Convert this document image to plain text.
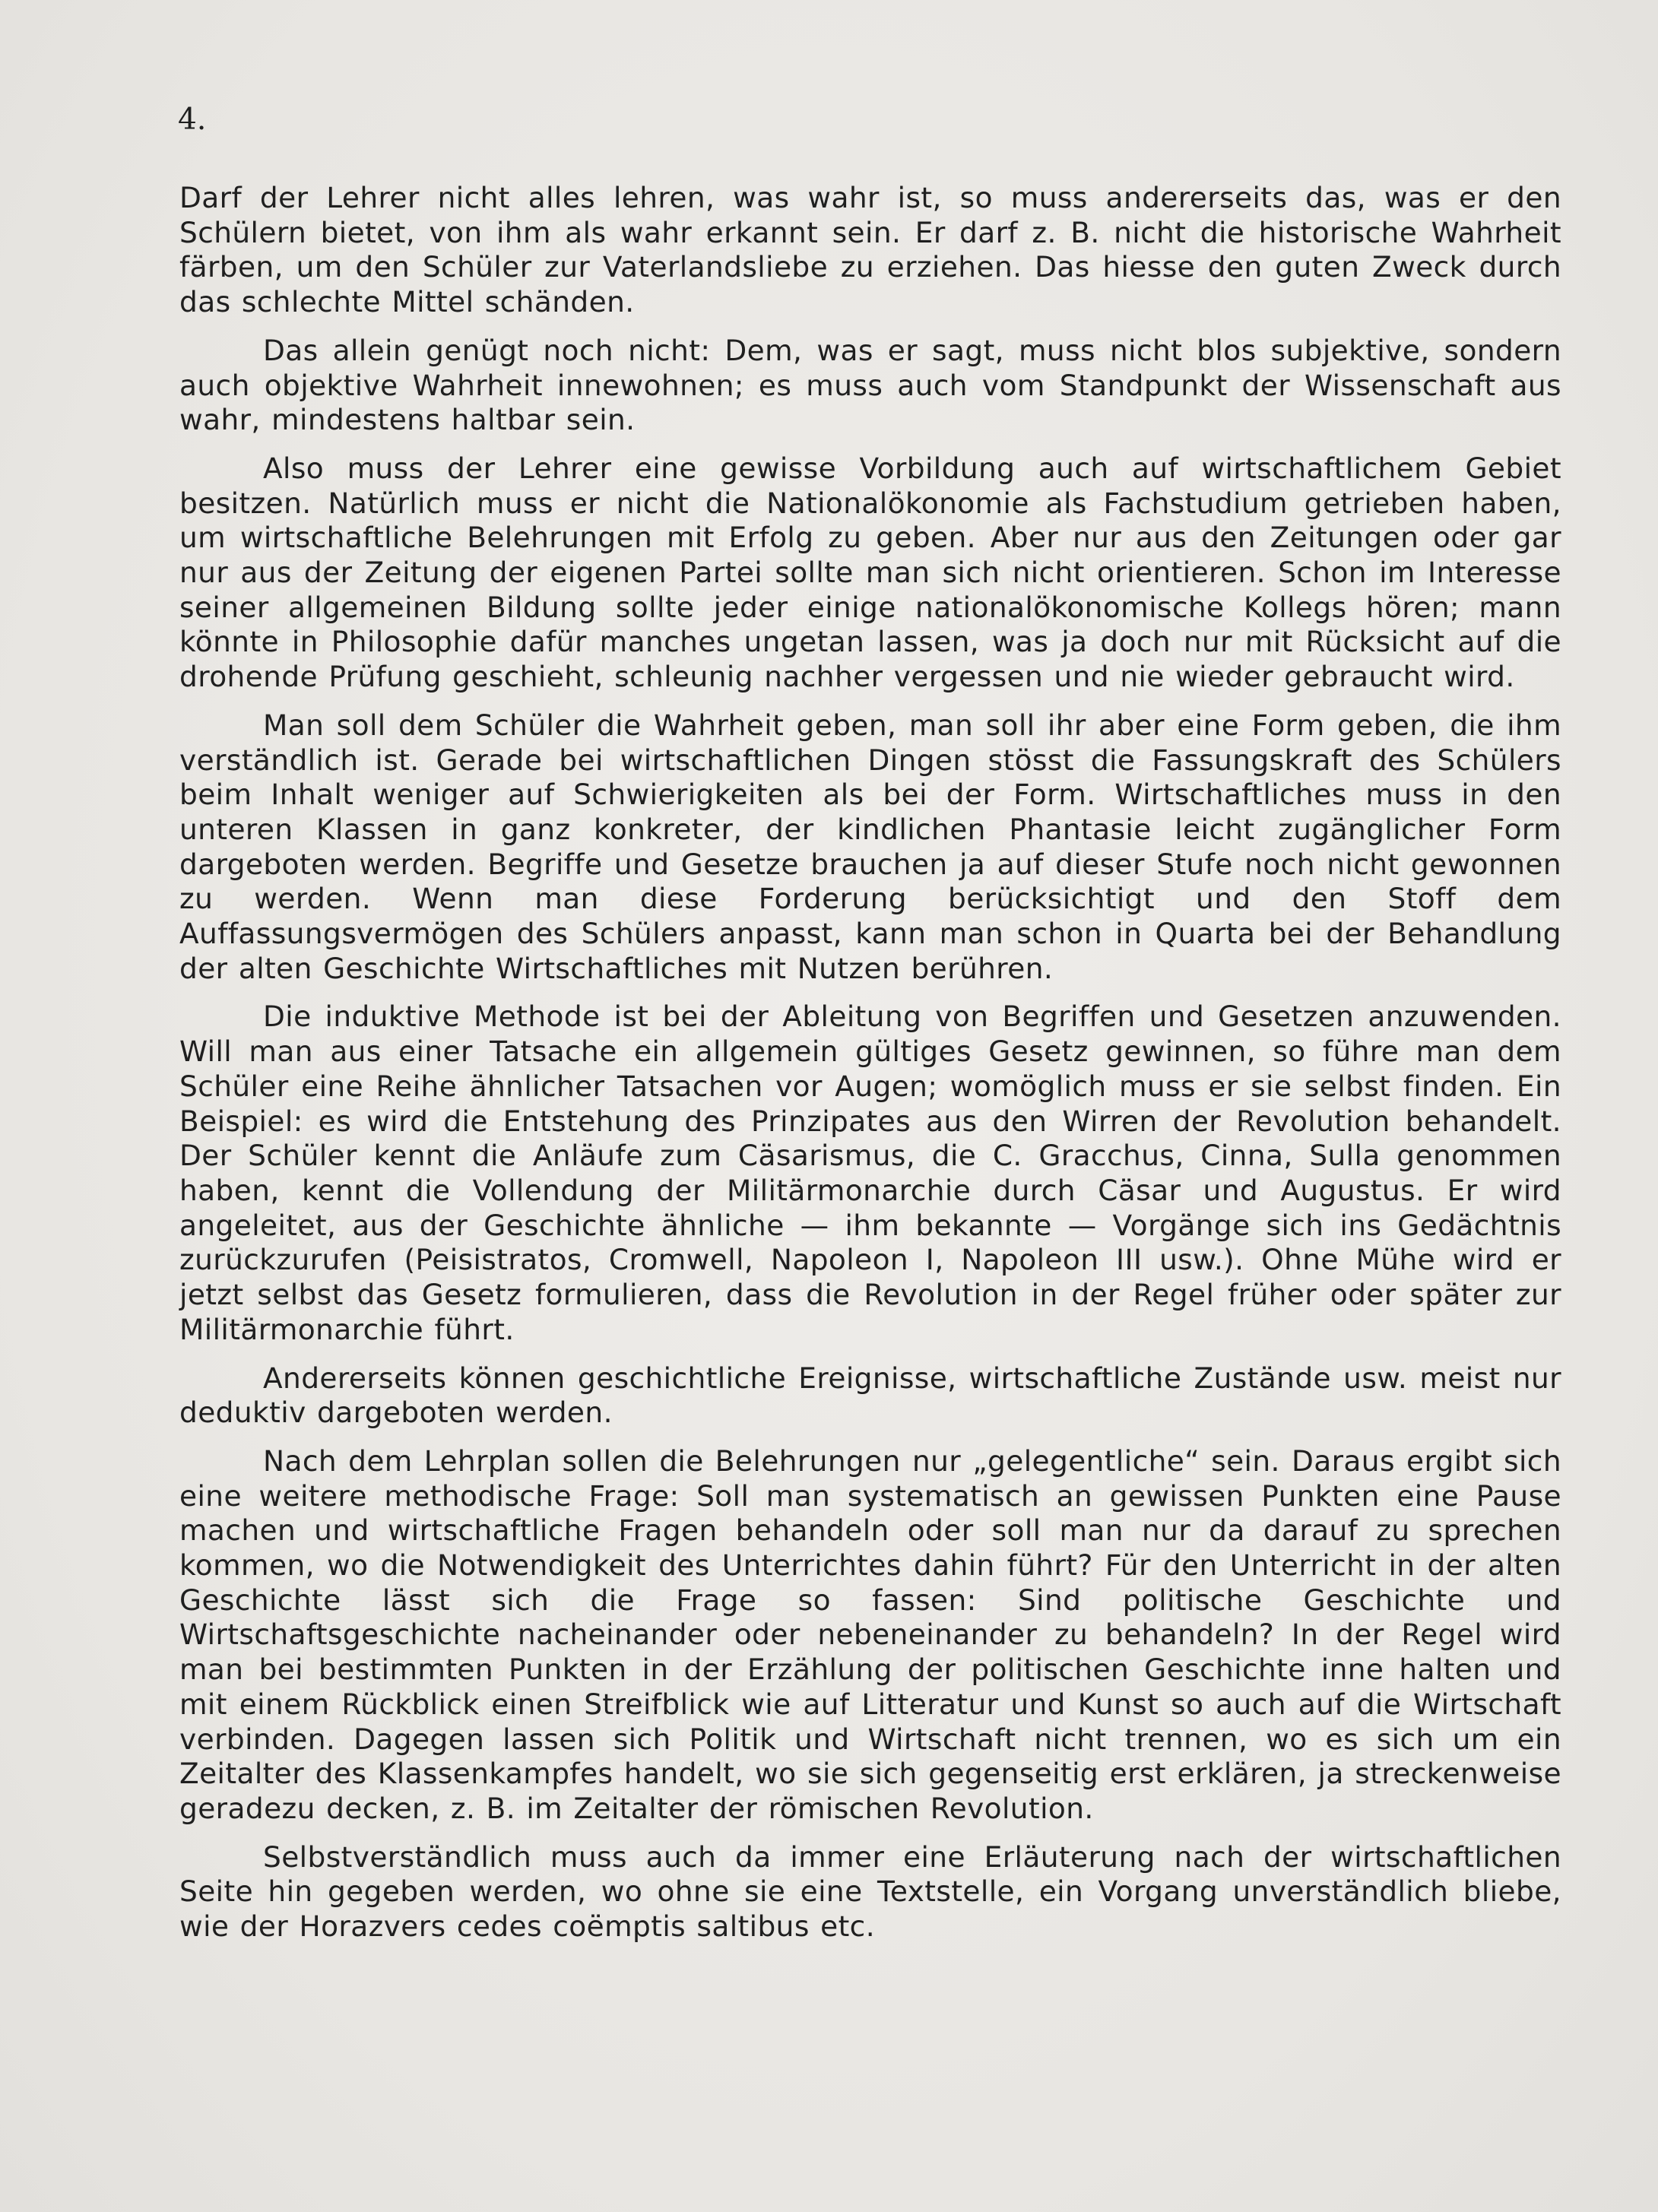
4.

Darf der Lehrer nicht alles lehren, was wahr ist, so muss andererseits das, was er den Schülern bietet, von ihm als wahr erkannt sein. Er darf z. B. nicht die historische Wahrheit färben, um den Schüler zur Vaterlandsliebe zu erziehen. Das hiesse den guten Zweck durch das schlechte Mittel schänden.

Das allein genügt noch nicht: Dem, was er sagt, muss nicht blos subjektive, sondern auch objektive Wahrheit innewohnen; es muss auch vom Standpunkt der Wissenschaft aus wahr, mindestens haltbar sein.

Also muss der Lehrer eine gewisse Vorbildung auch auf wirtschaftlichem Gebiet besitzen. Natürlich muss er nicht die Nationalökonomie als Fachstudium getrieben haben, um wirtschaftliche Belehrungen mit Erfolg zu geben. Aber nur aus den Zeitungen oder gar nur aus der Zeitung der eigenen Partei sollte man sich nicht orientieren. Schon im Interesse seiner allgemeinen Bildung sollte jeder einige nationalökonomische Kollegs hören; mann könnte in Philosophie dafür manches ungetan lassen, was ja doch nur mit Rücksicht auf die drohende Prüfung geschieht, schleunig nachher vergessen und nie wieder gebraucht wird.

Man soll dem Schüler die Wahrheit geben, man soll ihr aber eine Form geben, die ihm verständlich ist. Gerade bei wirtschaftlichen Dingen stösst die Fassungskraft des Schülers beim Inhalt weniger auf Schwierigkeiten als bei der Form. Wirtschaftliches muss in den unteren Klassen in ganz konkreter, der kindlichen Phantasie leicht zugänglicher Form dargeboten werden. Begriffe und Gesetze brauchen ja auf dieser Stufe noch nicht gewonnen zu werden. Wenn man diese Forderung berücksichtigt und den Stoff dem Auffassungsvermögen des Schülers anpasst, kann man schon in Quarta bei der Behandlung der alten Geschichte Wirtschaftliches mit Nutzen berühren.

Die induktive Methode ist bei der Ableitung von Begriffen und Gesetzen anzuwenden. Will man aus einer Tatsache ein allgemein gültiges Gesetz gewinnen, so führe man dem Schüler eine Reihe ähnlicher Tatsachen vor Augen; womöglich muss er sie selbst finden. Ein Beispiel: es wird die Entstehung des Prinzipates aus den Wirren der Revolution behandelt. Der Schüler kennt die Anläufe zum Cäsarismus, die C. Gracchus, Cinna, Sulla genommen haben, kennt die Vollendung der Militärmonarchie durch Cäsar und Augustus. Er wird angeleitet, aus der Geschichte ähnliche — ihm bekannte — Vorgänge sich ins Gedächtnis zurückzurufen (Peisistratos, Cromwell, Napoleon I, Napoleon III usw.). Ohne Mühe wird er jetzt selbst das Gesetz formulieren, dass die Revolution in der Regel früher oder später zur Militärmonarchie führt.

Andererseits können geschichtliche Ereignisse, wirtschaftliche Zustände usw. meist nur deduktiv dargeboten werden.

Nach dem Lehrplan sollen die Belehrungen nur „gelegentliche“ sein. Daraus ergibt sich eine weitere methodische Frage: Soll man systematisch an gewissen Punkten eine Pause machen und wirtschaftliche Fragen behandeln oder soll man nur da darauf zu sprechen kommen, wo die Notwendigkeit des Unterrichtes dahin führt? Für den Unterricht in der alten Geschichte lässt sich die Frage so fassen: Sind politische Geschichte und Wirtschaftsgeschichte nacheinander oder nebeneinander zu behandeln? In der Regel wird man bei bestimmten Punkten in der Erzählung der politischen Geschichte inne halten und mit einem Rückblick einen Streifblick wie auf Litteratur und Kunst so auch auf die Wirtschaft verbinden. Dagegen lassen sich Politik und Wirtschaft nicht trennen, wo es sich um ein Zeitalter des Klassenkampfes handelt, wo sie sich gegenseitig erst erklären, ja streckenweise geradezu decken, z. B. im Zeitalter der römischen Revolution.

Selbstverständlich muss auch da immer eine Erläuterung nach der wirtschaftlichen Seite hin gegeben werden, wo ohne sie eine Textstelle, ein Vorgang unverständlich bliebe, wie der Horazvers cedes coëmptis saltibus etc.
